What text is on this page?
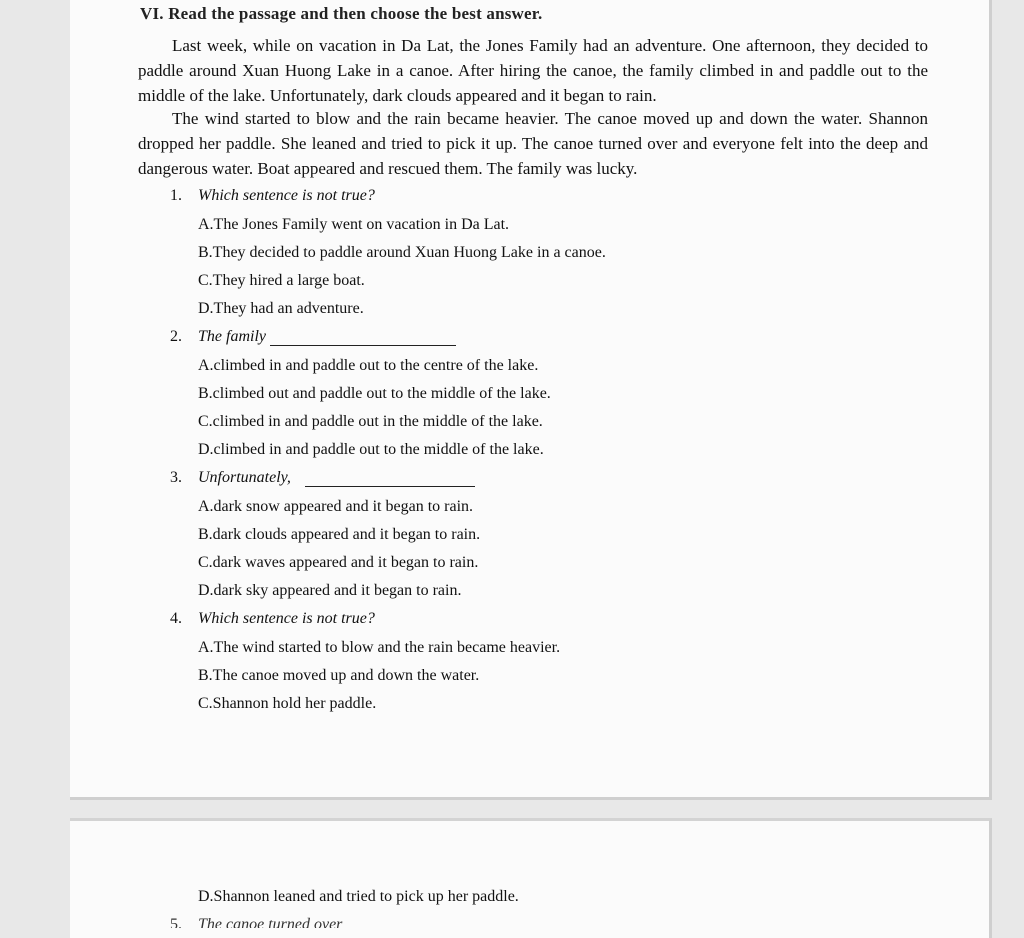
VI. Read the passage and then choose the best answer.

Last week, while on vacation in Da Lat, the Jones Family had an adventure. One afternoon, they decided to paddle around Xuan Huong Lake in a canoe. After hiring the canoe, the family climbed in and paddle out to the middle of the lake. Unfortunately, dark clouds appeared and it began to rain.

The wind started to blow and the rain became heavier. The canoe moved up and down the water. Shannon dropped her paddle. She leaned and tried to pick it up. The canoe turned over and everyone felt into the deep and dangerous water. Boat appeared and rescued them. The family was lucky.

1.	Which sentence is not true?
A.The Jones Family went on vacation in Da Lat.
B.They decided to paddle around Xuan Huong Lake in a canoe.
C.They hired a large boat.
D.They had an adventure.
2.	The family
A.climbed in and paddle out to the centre of the lake.
B.climbed out and paddle out to the middle of the lake.
C.climbed in and paddle out in the middle of the lake.
D.climbed in and paddle out to the middle of the lake.
3.	Unfortunately,
A.dark snow appeared and it began to rain.
B.dark clouds appeared and it began to rain.
C.dark waves appeared and it began to rain.
D.dark sky appeared and it began to rain.
4.	Which sentence is not true?
A.The wind started to blow and the rain became heavier.
B.The canoe moved up and down the water.
C.Shannon hold her paddle.
D.Shannon leaned and tried to pick up her paddle.
5. The canoe turned over
